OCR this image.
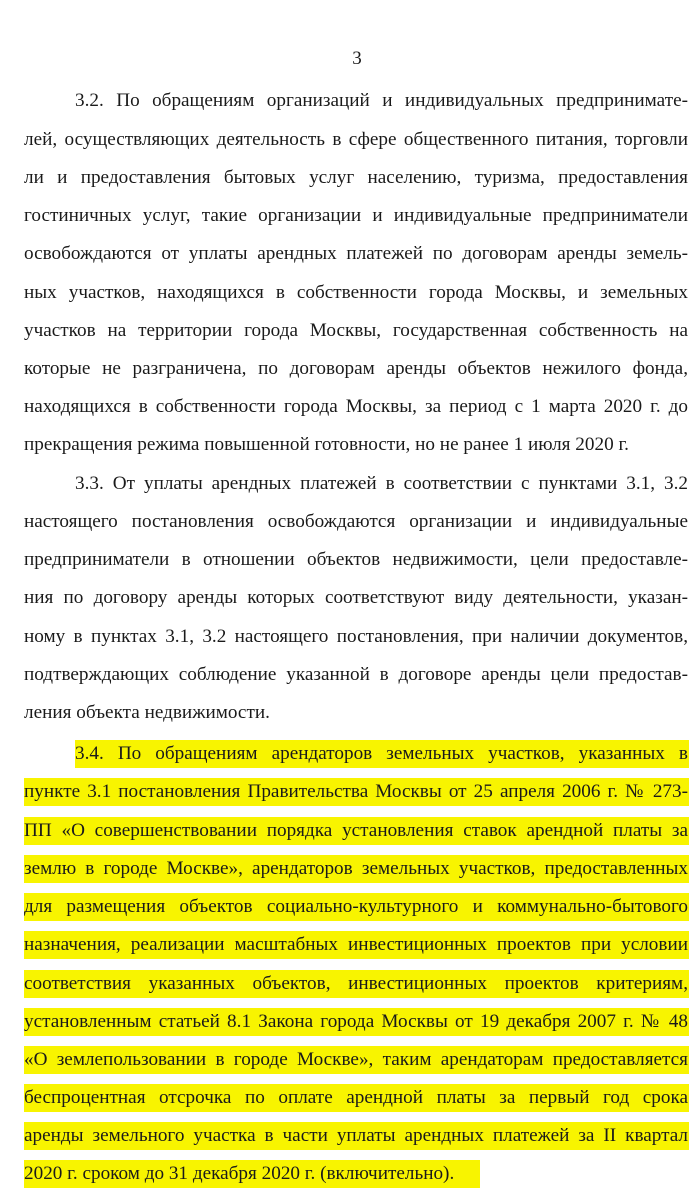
3
3.2. По обращениям организаций и индивидуальных предпринимате-
лей, осуществляющих деятельность в сфере общественного питания, торговли
ли и предоставления бытовых услуг населению, туризма, предоставления
гостиничных услуг, такие организации и индивидуальные предприниматели
освобождаются от уплаты арендных платежей по договорам аренды земель-
ных участков, находящихся в собственности города Москвы, и земельных
участков на территории города Москвы, государственная собственность на
которые не разграничена, по договорам аренды объектов нежилого фонда,
находящихся в собственности города Москвы, за период с 1 марта 2020 г. до
прекращения режима повышенной готовности, но не ранее 1 июля 2020 г.
3.3. От уплаты арендных платежей в соответствии с пунктами 3.1, 3.2
настоящего постановления освобождаются организации и индивидуальные
предприниматели в отношении объектов недвижимости, цели предоставле-
ния по договору аренды которых соответствуют виду деятельности, указан-
ному в пунктах 3.1, 3.2 настоящего постановления, при наличии документов,
подтверждающих соблюдение указанной в договоре аренды цели предостав-
ления объекта недвижимости.
3.4. По обращениям арендаторов земельных участков, указанных в
пункте 3.1 постановления Правительства Москвы от 25 апреля 2006 г. № 273-
ПП «О совершенствовании порядка установления ставок арендной платы за
землю в городе Москве», арендаторов земельных участков, предоставленных
для размещения объектов социально-культурного и коммунально-бытового
назначения, реализации масштабных инвестиционных проектов при условии
соответствия указанных объектов, инвестиционных проектов критериям,
установленным статьей 8.1 Закона города Москвы от 19 декабря 2007 г. № 48
«О землепользовании в городе Москве», таким арендаторам предоставляется
беспроцентная отсрочка по оплате арендной платы за первый год срока
аренды земельного участка в части уплаты арендных платежей за II квартал
2020 г. сроком до 31 декабря 2020 г. (включительно).
